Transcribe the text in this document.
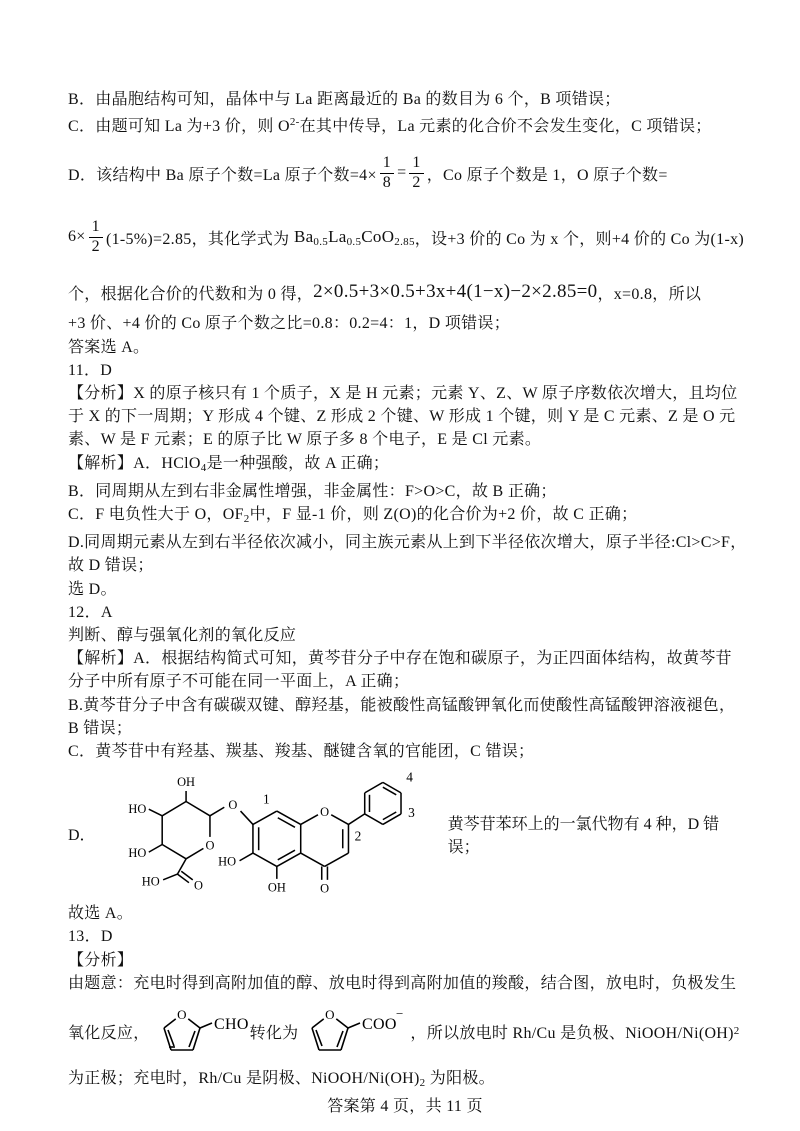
B．由晶胞结构可知，晶体中与 La 距离最近的 Ba 的数目为 6 个，B 项错误；

C．由题可知 La 为+3 价，则 $O^{2-}$在其中传导，La 元素的化合价不会发生变化，C 项错误；

D．该结构中 Ba 原子个数=La 原子个数$=4\times \frac{1}{8} = \frac{1}{2}$ ，Co 原子个数是 1，O 原子个数=

$6\times \frac{1}{2} (1-5\%)=2.85$，其化学式为 $Ba_{0.5}La_{0.5}CoO_{2.85}$ ，设+3 价的 Co 为 x 个，则+4 价的 Co 为(1-x)

个，根据化合价的代数和为 0 得， 2×0.5+3×0.5+3x+4(1−x)−2×2.85=0 ，x=0.8，所以

+3 价、+4 价的 Co 原子个数之比=0.8：0.2=4：1，D 项错误；

答案选 A。

11．D

【分析】X 的原子核只有 1 个质子，X 是 H 元素；元素 Y、Z、W 原子序数依次增大，且均位

于 X 的下一周期；Y 形成 4 个键、Z 形成 2 个键、W 形成 1 个键，则 Y 是 C 元素、Z 是 O 元

素、W 是 F 元素；E 的原子比 W 原子多 8 个电子，E 是 Cl 元素。

【解析】A．HClO$_4$是一种强酸，故 A 正确；

B．同周期从左到右非金属性增强，非金属性：F>O>C，故 B 正确；

C．F 电负性大于 O，$OF_2$中，F 显-1 价，则 Z(O)的化合价为+2 价，故 C 正确；

D.同周期元素从左到右半径依次减小，同主族元素从上到下半径依次增大，原子半径:Cl>C>F，

故 D 错误；

选 D。

12．A

判断、醇与强氧化剂的氧化反应

【解析】A．根据结构简式可知，黄芩苷分子中存在饱和碳原子，为正四面体结构，故黄芩苷

分子中所有原子不可能在同一平面上，A 正确；

B.黄芩苷分子中含有碳碳双键、醇羟基，能被酸性高锰酸钾氧化而使酸性高锰酸钾溶液褪色，

B 错误；

C．黄芩苷中有羟基、羰基、羧基、醚键含氧的官能团，C 错误；

D．
O
OH
HO
HO
O
HO
O 1
HO
OH
O
O
2
3
4
黄芩苷苯环上的一氯代物有 4 种，D 错误；

故选 A。

13．D

【分析】

由题意：充电时得到高附加值的醇、放电时得到高附加值的羧酸，结合图，放电时，负极发生

氧化反应，
O
CHO 转化为
O
COO
−
，所以放电时 Rh/Cu 是负极、NiOOH/Ni(OH) 2

为正极；充电时，Rh/Cu 是阴极、NiOOH/$Ni(OH)_2$ 为阳极。

答案第 4 页，共 11 页
